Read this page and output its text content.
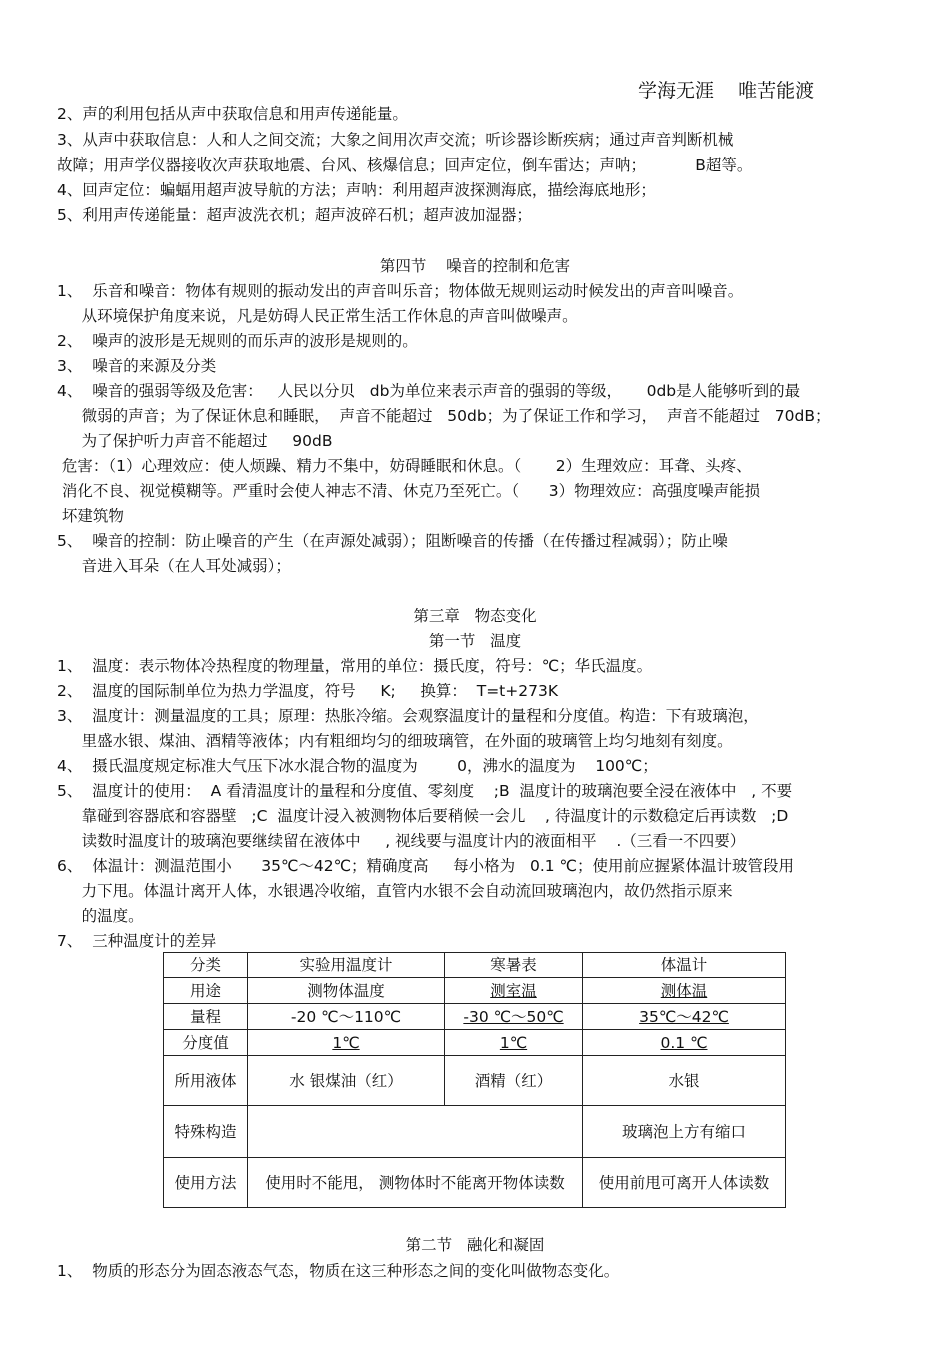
学海无涯    唯苦能渡
2、声的利用包括从声中获取信息和用声传递能量。
3、从声中获取信息：人和人之间交流；大象之间用次声交流；听诊器诊断疾病；通过声音判断机械
故障；用声学仪器接收次声获取地震、台风、核爆信息；回声定位，倒车雷达；声呐；          B超等。
4、回声定位：蝙蝠用超声波导航的方法；声呐：利用超声波探测海底，描绘海底地形；
5、利用声传递能量：超声波洗衣机；超声波碎石机；超声波加湿器；
第四节    噪音的控制和危害
1、  乐音和噪音：物体有规则的振动发出的声音叫乐音；物体做无规则运动时候发出的声音叫噪音。
从环境保护角度来说，凡是妨碍人民正常生活工作休息的声音叫做噪声。
2、  噪声的波形是无规则的而乐声的波形是规则的。
3、  噪音的来源及分类
4、  噪音的强弱等级及危害：   人民以分贝   db为单位来表示声音的强弱的等级，     0db是人能够听到的最
微弱的声音；为了保证休息和睡眠，  声音不能超过   50db；为了保证工作和学习，  声音不能超过   70dB；
为了保护听力声音不能超过     90dB
危害：（1）心理效应：使人烦躁、精力不集中，妨碍睡眠和休息。（       2）生理效应：耳聋、头疼、
消化不良、视觉模糊等。严重时会使人神志不清、休克乃至死亡。（      3）物理效应：高强度噪声能损
坏建筑物
5、  噪音的控制：防止噪音的产生（在声源处减弱）；阻断噪音的传播（在传播过程减弱）；防止噪
音进入耳朵（在人耳处减弱）；
第三章   物态变化
第一节   温度
1、  温度：表示物体冷热程度的物理量，常用的单位：摄氏度，符号：℃；华氏温度。
2、  温度的国际制单位为热力学温度，符号     K;     换算：  T=t+273K
3、  温度计：测量温度的工具；原理：热胀冷缩。会观察温度计的量程和分度值。构造：下有玻璃泡，
里盛水银、煤油、酒精等液体；内有粗细均匀的细玻璃管，在外面的玻璃管上均匀地刻有刻度。
4、  摄氏温度规定标准大气压下冰水混合物的温度为        0，沸水的温度为    100℃；
5、  温度计的使用：  A 看清温度计的量程和分度值、零刻度    ;B  温度计的玻璃泡要全浸在液体中   , 不要
靠碰到容器底和容器壁   ;C  温度计浸入被测物体后要稍候一会儿    , 待温度计的示数稳定后再读数   ;D
读数时温度计的玻璃泡要继续留在液体中     , 视线要与温度计内的液面相平    .（三看一不四要）
6、  体温计：测温范围小      35℃～42℃；精确度高     每小格为   0.1 ℃；使用前应握紧体温计玻管段用
力下甩。体温计离开人体，水银遇冷收缩，直管内水银不会自动流回玻璃泡内，故仍然指示原来
的温度。
7、  三种温度计的差异
分类	实验用温度计	寒暑表	体温计
用途	测物体温度	测室温	测体温
量程	-20 ℃～110℃	-30 ℃～50℃	35℃～42℃
分度值	1℃	1℃	0.1 ℃
所用液体	水 银煤油（红）	酒精（红）	水银
特殊构造			玻璃泡上方有缩口
使用方法	使用时不能甩， 测物体时不能离开物体读数		使用前甩可离开人体读数
第二节   融化和凝固
1、  物质的形态分为固态液态气态，物质在这三种形态之间的变化叫做物态变化。
